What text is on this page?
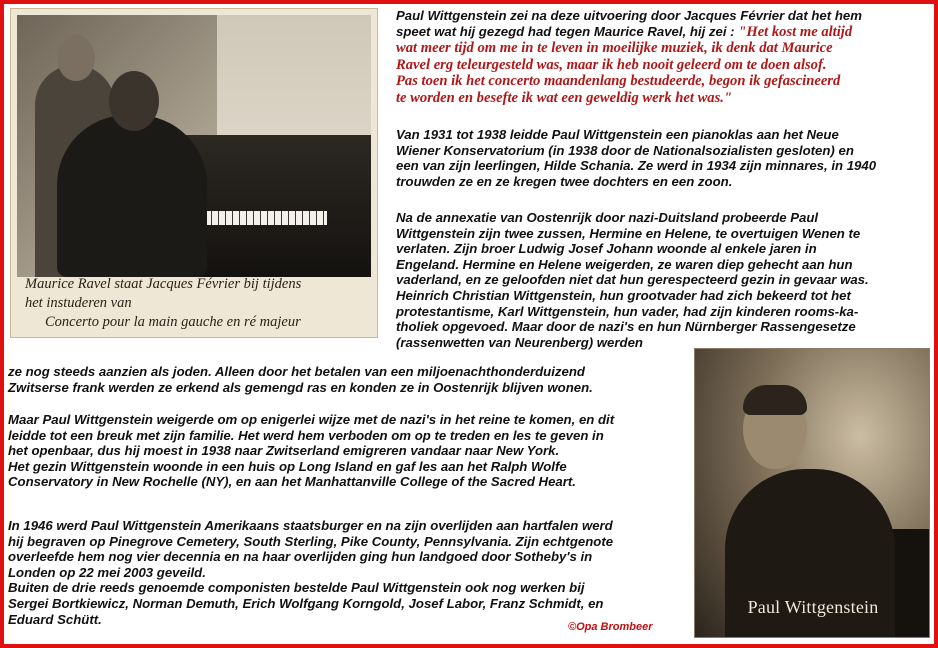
Maurice Ravel staat Jacques Février bij tijdens
het instuderen van
Concerto pour la main gauche en ré majeur
Paul Wittgenstein zei na deze uitvoering door Jacques Février dat het hem
speet wat hij gezegd had tegen Maurice Ravel, hij zei : "Het kost me altijd
wat meer tijd om me in te leven in moeilijke muziek, ik denk dat Maurice
Ravel erg teleurgesteld was, maar ik heb nooit geleerd om te doen alsof.
Pas toen ik het concerto maandenlang bestudeerde, begon ik gefascineerd
te worden en besefte ik wat een geweldig werk het was."
Van 1931 tot 1938 leidde Paul Wittgenstein een pianoklas aan het Neue
Wiener Konservatorium (in 1938 door de Nationalsozialisten gesloten) en
een van zijn leerlingen, Hilde Schania. Ze werd in 1934 zijn minnares, in 1940
trouwden ze en ze kregen twee dochters en een zoon.
Na de annexatie van Oostenrijk door nazi-Duitsland probeerde Paul
Wittgenstein zijn twee zussen, Hermine en Helene, te overtuigen Wenen te
verlaten. Zijn broer Ludwig Josef Johann woonde al enkele jaren in
Engeland. Hermine en Helene weigerden, ze waren diep gehecht aan hun
vaderland, en ze geloofden niet dat hun gerespecteerd gezin in gevaar was.
Heinrich Christian Wittgenstein, hun grootvader had zich bekeerd tot het
protestantisme, Karl Wittgenstein, hun vader, had zijn kinderen rooms-ka-
tholiek opgevoed. Maar door de nazi's en hun Nürnberger Rassengesetze
(rassenwetten van Neurenberg) werden
ze nog steeds aanzien als joden. Alleen door het betalen van een miljoenachthonderduizend
Zwitserse frank werden ze erkend als gemengd ras en konden ze in Oostenrijk blijven wonen.
Maar Paul Wittgenstein weigerde om op enigerlei wijze met de nazi's in het reine te komen, en dit
leidde tot een breuk met zijn familie. Het werd hem verboden om op te treden en les te geven in
het openbaar, dus hij moest in 1938 naar Zwitserland emigreren vandaar naar New York.
Het gezin Wittgenstein woonde in een huis op Long Island en gaf les aan het Ralph Wolfe
Conservatory in New Rochelle (NY), en aan het Manhattanville College of the Sacred Heart.
In 1946 werd Paul Wittgenstein Amerikaans staatsburger en na zijn overlijden aan hartfalen werd
hij begraven op Pinegrove Cemetery, South Sterling, Pike County, Pennsylvania. Zijn echtgenote
overleefde hem nog vier decennia en na haar overlijden ging hun landgoed door Sotheby's in
Londen op 22 mei 2003 geveild.
Buiten de drie reeds genoemde componisten bestelde Paul Wittgenstein ook nog werken bij
Sergei Bortkiewicz, Norman Demuth, Erich Wolfgang Korngold, Josef Labor, Franz Schmidt, en
Eduard Schütt.
©Opa Brombeer
Paul Wittgenstein
